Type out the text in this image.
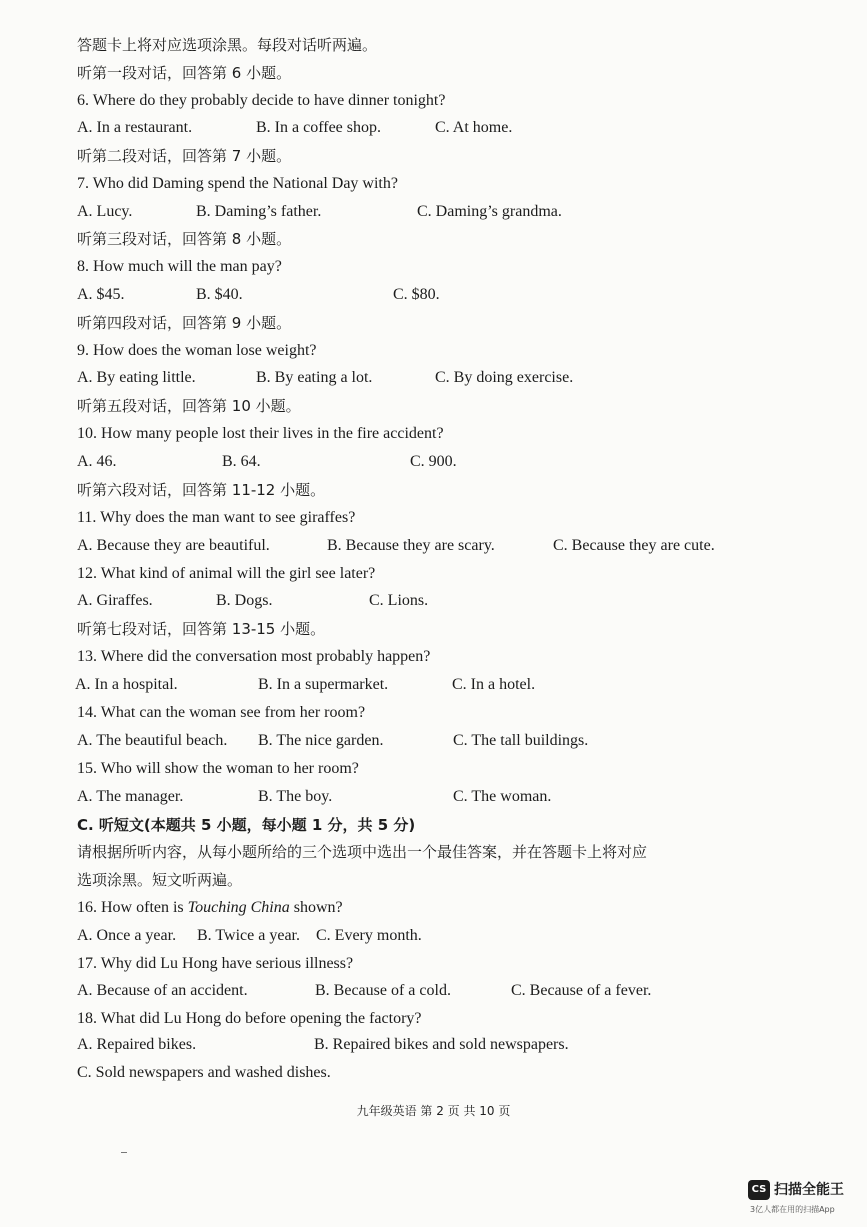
答题卡上将对应选项涂黑。每段对话听两遍。
听第一段对话，回答第 6 小题。
6. Where do they probably decide to have dinner tonight?
A. In a restaurant.	B. In a coffee shop.	C. At home.
听第二段对话，回答第 7 小题。
7. Who did Daming spend the National Day with?
A. Lucy.	B. Daming’s father.	C. Daming’s grandma.
听第三段对话，回答第 8 小题。
8. How much will the man pay?
A. $45.	B. $40.	C. $80.
听第四段对话，回答第 9 小题。
9. How does the woman lose weight?
A. By eating little.	B. By eating a lot.	C. By doing exercise.
听第五段对话，回答第 10 小题。
10. How many people lost their lives in the fire accident?
A. 46.	B. 64.	C. 900.
听第六段对话，回答第 11-12 小题。
11. Why does the man want to see giraffes?
A. Because they are beautiful.	B. Because they are scary.	C. Because they are cute.
12. What kind of animal will the girl see later?
A. Giraffes.	B. Dogs.	C. Lions.
听第七段对话，回答第 13-15 小题。
13. Where did the conversation most probably happen?
A. In a hospital.	B. In a supermarket.	C. In a hotel.
14. What can the woman see from her room?
A. The beautiful beach. B. The nice garden.	C. The tall buildings.
15. Who will show the woman to her room?
A. The manager.	B. The boy.	C. The woman.
C. 听短文(本题共 5 小题，每小题 1 分，共 5 分)
请根据所听内容，从每小题所给的三个选项中选出一个最佳答案，并在答题卡上将对应
选项涂黑。短文听两遍。
16. How often is Touching China shown?
A. Once a year. B. Twice a year. C. Every month.
17. Why did Lu Hong have serious illness?
A. Because of an accident.	B. Because of a cold.	C. Because of a fever.
18. What did Lu Hong do before opening the factory?
A. Repaired bikes.	B. Repaired bikes and sold newspapers.
C. Sold newspapers and washed dishes.
九年级英语 第 2 页 共 10 页
CS 扫描全能王
3亿人都在用的扫描App
